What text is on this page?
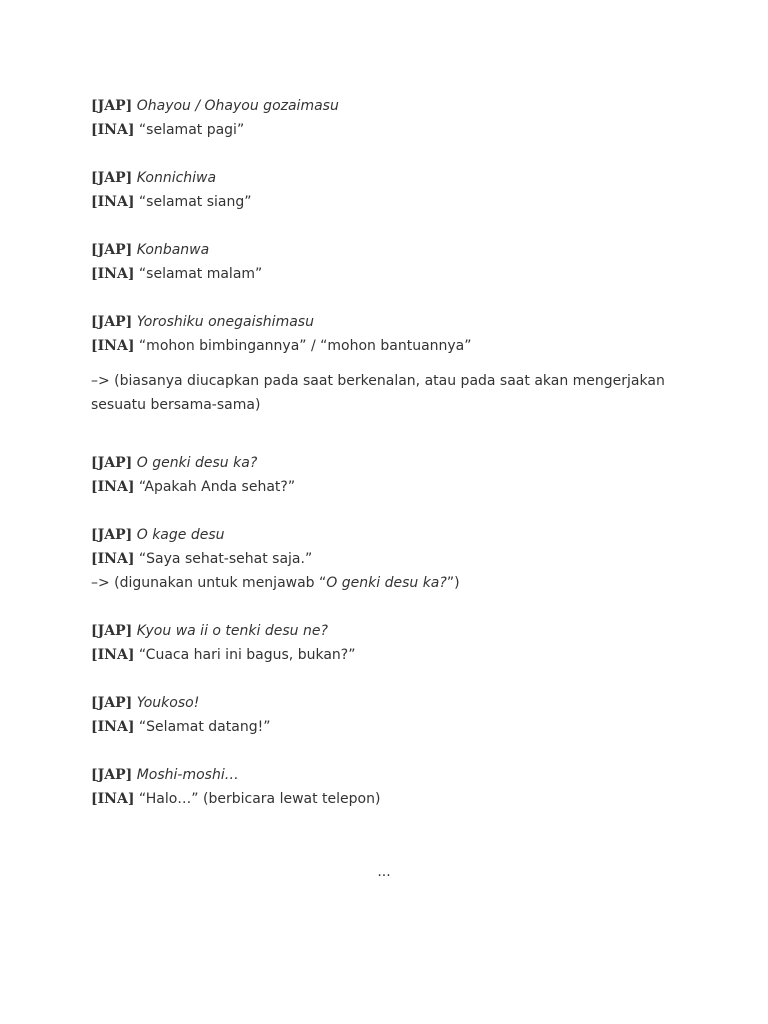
[JAP] Ohayou / Ohayou gozaimasu
[INA] “selamat pagi”
[JAP] Konnichiwa
[INA] “selamat siang”
[JAP] Konbanwa
[INA] “selamat malam”
[JAP] Yoroshiku onegaishimasu
[INA] “mohon bimbingannya” / “mohon bantuannya”
–> (biasanya diucapkan pada saat berkenalan, atau pada saat akan mengerjakan sesuatu bersama-sama)
[JAP] O genki desu ka?
[INA] “Apakah Anda sehat?”
[JAP] O kage desu
[INA] “Saya sehat-sehat saja.”
–> (digunakan untuk menjawab “O genki desu ka?”)
[JAP] Kyou wa ii o tenki desu ne?
[INA] “Cuaca hari ini bagus, bukan?”
[JAP] Youkoso!
[INA] “Selamat datang!”
[JAP] Moshi-moshi…
[INA] “Halo…” (berbicara lewat telepon)
...
